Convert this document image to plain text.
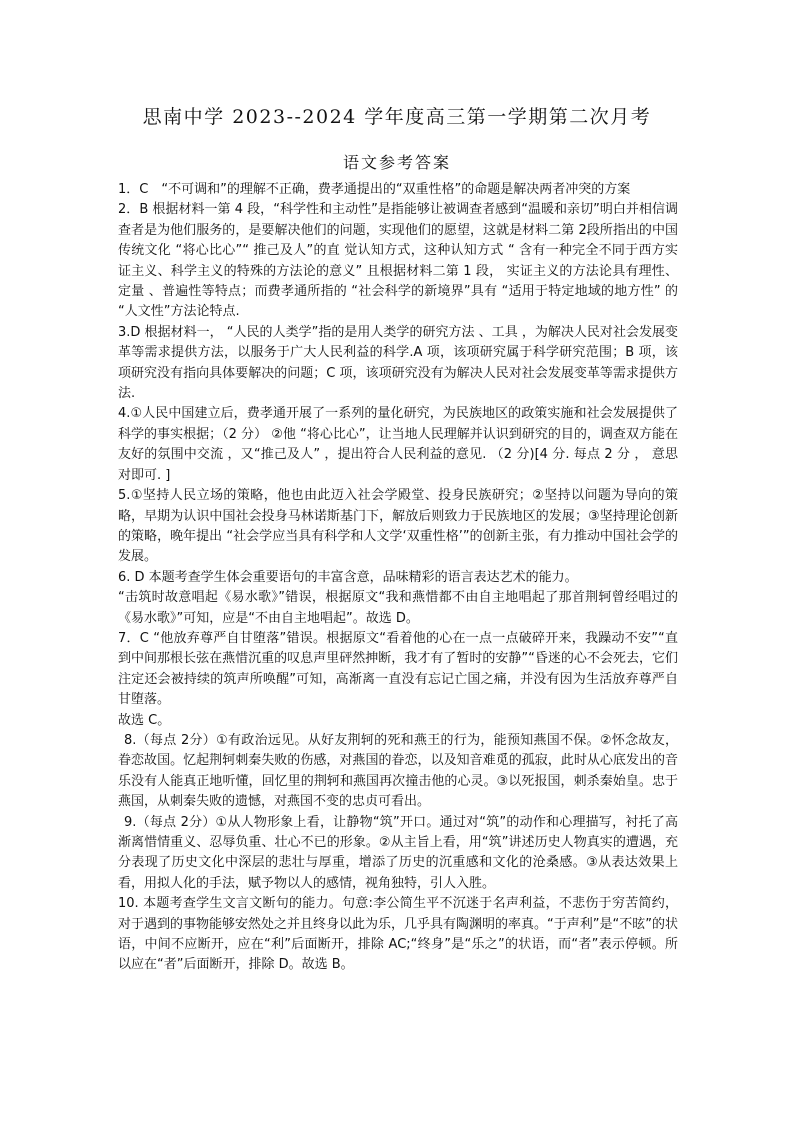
思南中学 2023--2024 学年度高三第一学期第二次月考
语文参考答案

1．C　“不可调和”的理解不正确，费孝通提出的“双重性格”的命题是解决两者冲突的方案

2．B 根据材料一第 4 段，“科学性和主动性”是指能够让被调查者感到“温暖和亲切”明白并相信调查者是为他们服务的，是要解决他们的问题，实现他们的愿望，这就是材料二第 2段所指出的中国传统文化 “将心比心”“ 推己及人”的直 觉认知方式，这种认知方式 “ 含有一种完全不同于西方实证主义、科学主义的特殊的方法论的意义” 且根据材料二第 1 段， 实证主义的方法论具有理性、定量 、普遍性等特点；而费孝通所指的 “社会科学的新境界”具有 “适用于特定地域的地方性” 的 “人文性”方法论特点.

3.D 根据材料一， “人民的人类学”指的是用人类学的研究方法 、工具 ，为解决人民对社会发展变革等需求提供方法，以服务于广大人民利益的科学.A 项，该项研究属于科学研究范围；B 项，该项研究没有指向具体要解决的问题；C 项，该项研究没有为解决人民对社会发展变革等需求提供方法.

4.①人民中国建立后，费孝通开展了一系列的量化研究，为民族地区的政策实施和社会发展提供了科学的事实根据；（2 分） ②他 “将心比心”，让当地人民理解并认识到研究的目的，调查双方能在友好的氛围中交流 ，又“推己及人” ，提出符合人民利益的意见. （2 分)[4 分. 每点 2 分 ， 意思对即可. ]

5.①坚持人民立场的策略，他也由此迈入社会学殿堂、投身民族研究；②坚持以问题为导向的策略，早期为认识中国社会投身马林诺斯基门下，解放后则致力于民族地区的发展；③坚持理论创新的策略，晚年提出 “社会学应当具有科学和人文学‘双重性格’”的创新主张，有力推动中国社会学的发展。

6. D 本题考查学生体会重要语句的丰富含意，品味精彩的语言表达艺术的能力。

“击筑时故意唱起《易水歌》”错误，根据原文“我和燕惜都不由自主地唱起了那首荆轲曾经唱过的《易水歌》”可知，应是“不由自主地唱起”。故选 D。

7．C “他放弃尊严自甘堕落”错误。根据原文“看着他的心在一点一点破碎开来，我躁动不安”“直到中间那根长弦在燕惜沉重的叹息声里砰然抻断，我才有了暂时的安静”“昏迷的心不会死去，它们注定还会被持续的筑声所唤醒”可知，高渐离一直没有忘记亡国之痛，并没有因为生活放弃尊严自甘堕落。

故选 C。

8.（每点 2分）①有政治远见。从好友荆轲的死和燕王的行为，能预知燕国不保。②怀念故友，眷恋故国。忆起荆轲刺秦失败的伤感，对燕国的眷恋，以及知音难觅的孤寂，此时从心底发出的音乐没有人能真正地听懂，回忆里的荆轲和燕国再次撞击他的心灵。③以死报国，刺杀秦始皇。忠于燕国，从刺秦失败的遗憾，对燕国不变的忠贞可看出。

9.（每点 2分）①从人物形象上看，让静物“筑”开口。通过对“筑”的动作和心理描写，衬托了高渐离惜情重义、忍辱负重、壮心不已的形象。②从主旨上看，用“筑”讲述历史人物真实的遭遇，充分表现了历史文化中深层的悲壮与厚重，增添了历史的沉重感和文化的沧桑感。③从表达效果上看，用拟人化的手法，赋予物以人的感情，视角独特，引人入胜。

10. 本题考查学生文言文断句的能力。句意:李公简生平不沉迷于名声利益，不悲伤于穷苦简约，对于遇到的事物能够安然处之并且终身以此为乐，几乎具有陶渊明的率真。“于声利”是“不昡”的状语，中间不应断开，应在“利”后面断开，排除 AC;“终身”是“乐之”的状语，而“者”表示停顿。所以应在“者”后面断开，排除 D。故选 B。
